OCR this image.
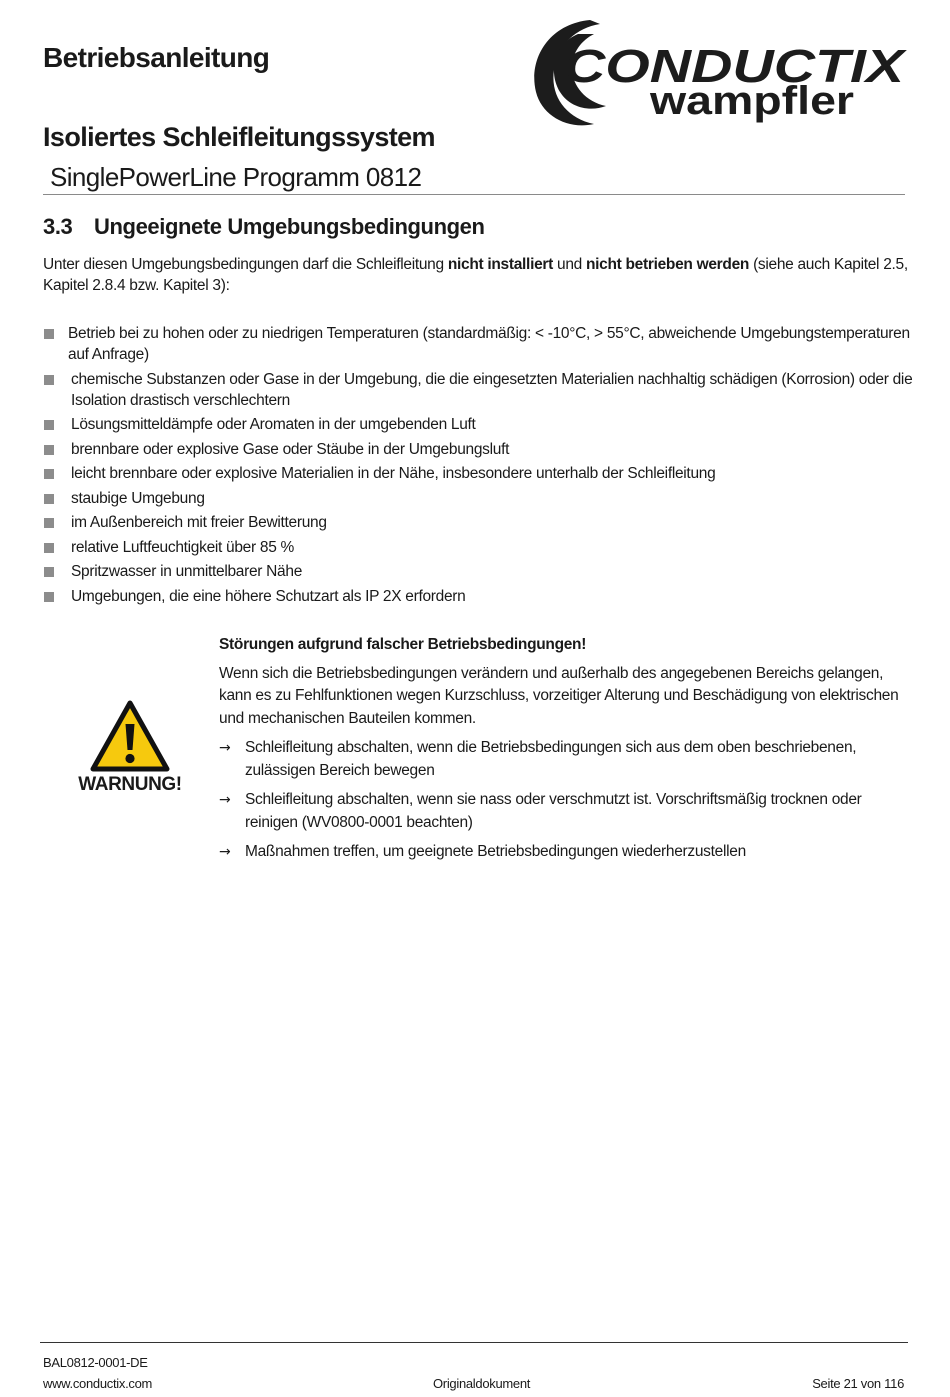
Betriebsanleitung	CONDUCTIX
wampfler
Isoliertes Schleifleitungssystem
SinglePowerLine Programm 0812
3.3 Ungeeignete Umgebungsbedingungen
Unter diesen Umgebungsbedingungen darf die Schleifleitung nicht installiert und nicht betrieben werden (siehe auch Kapitel 2.5, Kapitel 2.8.4 bzw. Kapitel 3):
Betrieb bei zu hohen oder zu niedrigen Temperaturen (standardmäßig: < -10°C, > 55°C, abweichende Umgebungstemperaturen auf Anfrage)
chemische Substanzen oder Gase in der Umgebung, die die eingesetzten Materialien nachhaltig schädigen (Korrosion) oder die Isolation drastisch verschlechtern
Lösungsmitteldämpfe oder Aromaten in der umgebenden Luft
brennbare oder explosive Gase oder Stäube in der Umgebungsluft
leicht brennbare oder explosive Materialien in der Nähe, insbesondere unterhalb der Schleifleitung
staubige Umgebung
im Außenbereich mit freier Bewitterung
relative Luftfeuchtigkeit über 85 %
Spritzwasser in unmittelbarer Nähe
Umgebungen, die eine höhere Schutzart als IP 2X erfordern
WARNUNG!
Störungen aufgrund falscher Betriebsbedingungen!
Wenn sich die Betriebsbedingungen verändern und außerhalb des angegebenen Bereichs gelangen, kann es zu Fehlfunktionen wegen Kurzschluss, vorzeitiger Alterung und Beschädigung von elektrischen und mechanischen Bauteilen kommen.
→ Schleifleitung abschalten, wenn die Betriebsbedingungen sich aus dem oben beschriebenen, zulässigen Bereich bewegen
→ Schleifleitung abschalten, wenn sie nass oder verschmutzt ist. Vorschriftsmäßig trocknen oder reinigen (WV0800-0001 beachten)
→ Maßnahmen treffen, um geeignete Betriebsbedingungen wiederherzustellen
BAL0812-0001-DE
www.conductix.com	Originaldokument	Seite 21 von 116
